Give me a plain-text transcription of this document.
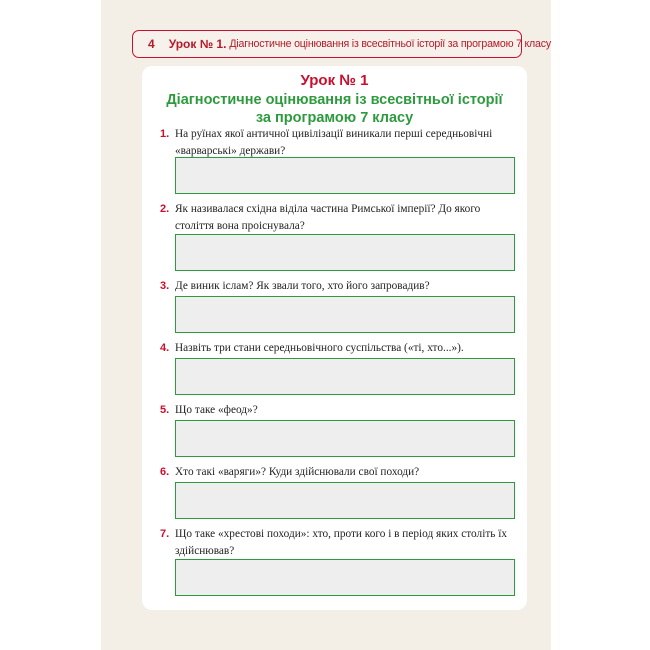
4 Урок № 1. Діагностичне оцінювання із всесвітньої історії за програмою 7 класу
Урок № 1
Діагностичне оцінювання із всесвітньої історії
за програмою 7 класу
1. На руїнах якої античної цивілізації виникали перші середньовічні «варварські» держави?
2. Як називалася східна віділа частина Римської імперії? До якого століття вона проіснувала?
3. Де виник іслам? Як звали того, хто його запровадив?
4. Назвіть три стани середньовічного суспільства («ті, хто...»).
5. Що таке «феод»?
6. Хто такі «варяги»? Куди здійснювали свої походи?
7. Що таке «хрестові походи»: хто, проти кого і в період яких століть їх здійснював?
